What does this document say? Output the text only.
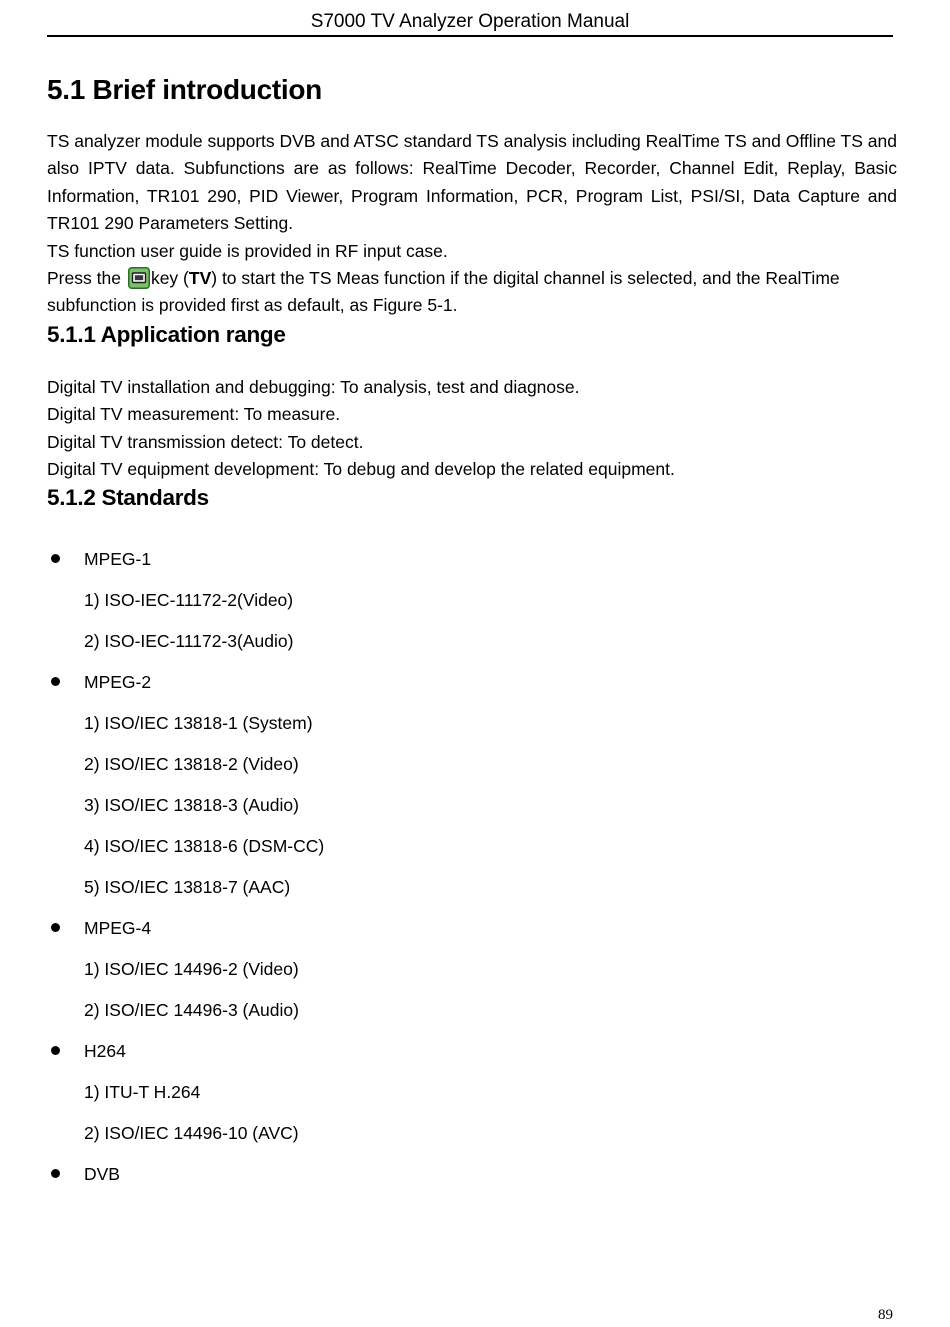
S7000 TV Analyzer Operation Manual
5.1 Brief introduction

TS analyzer module supports DVB and ATSC standard TS analysis including RealTime TS and Offline TS and also IPTV data. Subfunctions are as follows: RealTime Decoder, Recorder, Channel Edit, Replay, Basic Information, TR101 290, PID Viewer, Program Information, PCR, Program List, PSI/SI, Data Capture and TR101 290 Parameters Setting.

TS function user guide is provided in RF input case.

Press the key (TV) to start the TS Meas function if the digital channel is selected, and the RealTime subfunction is provided first as default, as Figure 5-1.

5.1.1 Application range

Digital TV installation and debugging: To analysis, test and diagnose.

Digital TV measurement: To measure.

Digital TV transmission detect: To detect.

Digital TV equipment development: To debug and develop the related equipment.

5.1.2 Standards
MPEG-1
1) ISO-IEC-11172-2(Video)
2) ISO-IEC-11172-3(Audio)
MPEG-2
1) ISO/IEC 13818-1 (System)
2) ISO/IEC 13818-2 (Video)
3) ISO/IEC 13818-3 (Audio)
4) ISO/IEC 13818-6 (DSM-CC)
5) ISO/IEC 13818-7 (AAC)
MPEG-4
1) ISO/IEC 14496-2 (Video)
2) ISO/IEC 14496-3 (Audio)
H264
1) ITU-T H.264
2) ISO/IEC 14496-10 (AVC)
DVB
89
